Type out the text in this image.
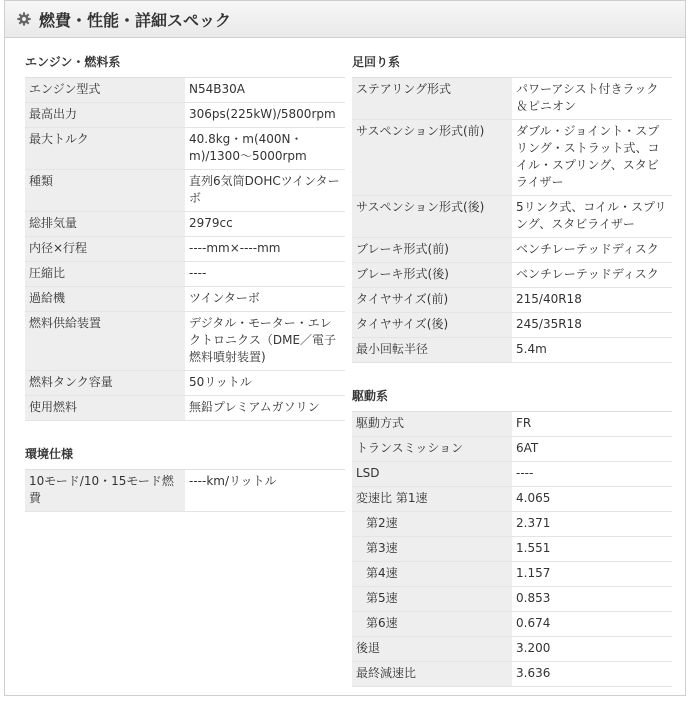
燃費・性能・詳細スペック
エンジン・燃料系
エンジン型式	N54B30A
最高出力	306ps(225kW)/5800rpm
最大トルク	40.8kg・m(400N・m)/1300〜5000rpm
種類	直列6気筒DOHCツインターボ
総排気量	2979cc
内径×行程	----mm×----mm
圧縮比	----
過給機	ツインターボ
燃料供給装置	デジタル・モーター・エレクトロニクス（DME／電子燃料噴射装置)
燃料タンク容量	50リットル
使用燃料	無鉛プレミアムガソリン
環境仕様
10モード/10・15モード燃費	----km/リットル
足回り系
ステアリング形式	パワーアシスト付きラック＆ピニオン
サスペンション形式(前)	ダブル・ジョイント・スプリング・ストラット式、コイル・スプリング、スタビライザー
サスペンション形式(後)	5リンク式、コイル・スプリング、スタビライザー
ブレーキ形式(前)	ベンチレーテッドディスク
ブレーキ形式(後)	ベンチレーテッドディスク
タイヤサイズ(前)	215/40R18
タイヤサイズ(後)	245/35R18
最小回転半径	5.4m
駆動系
駆動方式	FR
トランスミッション	6AT
LSD	----
変速比 第1速	4.065
第2速	2.371
第3速	1.551
第4速	1.157
第5速	0.853
第6速	0.674
後退	3.200
最終減速比	3.636
